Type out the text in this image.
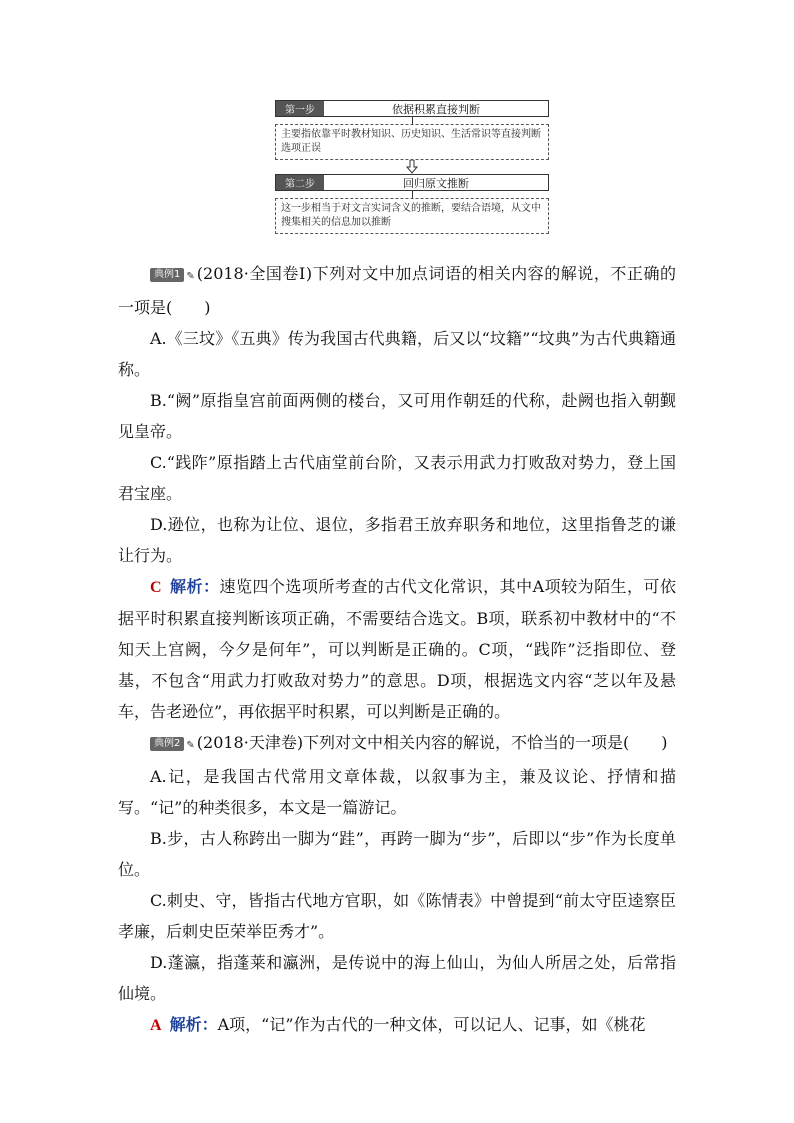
第一步	依据积累直接判断
主要指依靠平时教材知识、历史知识、生活常识等直接判断选项正误
第二步	回归原文推断
这一步相当于对文言实词含义的推断，要结合语境，从文中搜集相关的信息加以推断

典例1 ✎ (2018·全国卷Ⅰ)下列对文中加点词语的相关内容的解说，不正确的一项是(　　)

A.《三坟》《五典》传为我国古代典籍，后又以“坟籍”“坟典”为古代典籍通称。

B.“阙”原指皇宫前面两侧的楼台，又可用作朝廷的代称，赴阙也指入朝觐见皇帝。

C.“践阼”原指踏上古代庙堂前台阶，又表示用武力打败敌对势力，登上国君宝座。

D.逊位，也称为让位、退位，多指君王放弃职务和地位，这里指鲁芝的谦让行为。

C 解析：速览四个选项所考查的古代文化常识，其中A项较为陌生，可依据平时积累直接判断该项正确，不需要结合选文。B项，联系初中教材中的“不知天上宫阙，今夕是何年”，可以判断是正确的。C项，“践阼”泛指即位、登基，不包含“用武力打败敌对势力”的意思。D项，根据选文内容“芝以年及悬车，告老逊位”，再依据平时积累，可以判断是正确的。

典例2 ✎ (2018·天津卷)下列对文中相关内容的解说，不恰当的一项是(　　)

A.记，是我国古代常用文章体裁，以叙事为主，兼及议论、抒情和描写。“记”的种类很多，本文是一篇游记。

B.步，古人称跨出一脚为“跬”，再跨一脚为“步”，后即以“步”作为长度单位。

C.刺史、守，皆指古代地方官职，如《陈情表》中曾提到“前太守臣逵察臣孝廉，后刺史臣荣举臣秀才”。

D.蓬瀛，指蓬莱和瀛洲，是传说中的海上仙山，为仙人所居之处，后常指仙境。

A 解析：A项，“记”作为古代的一种文体，可以记人、记事，如《桃花
